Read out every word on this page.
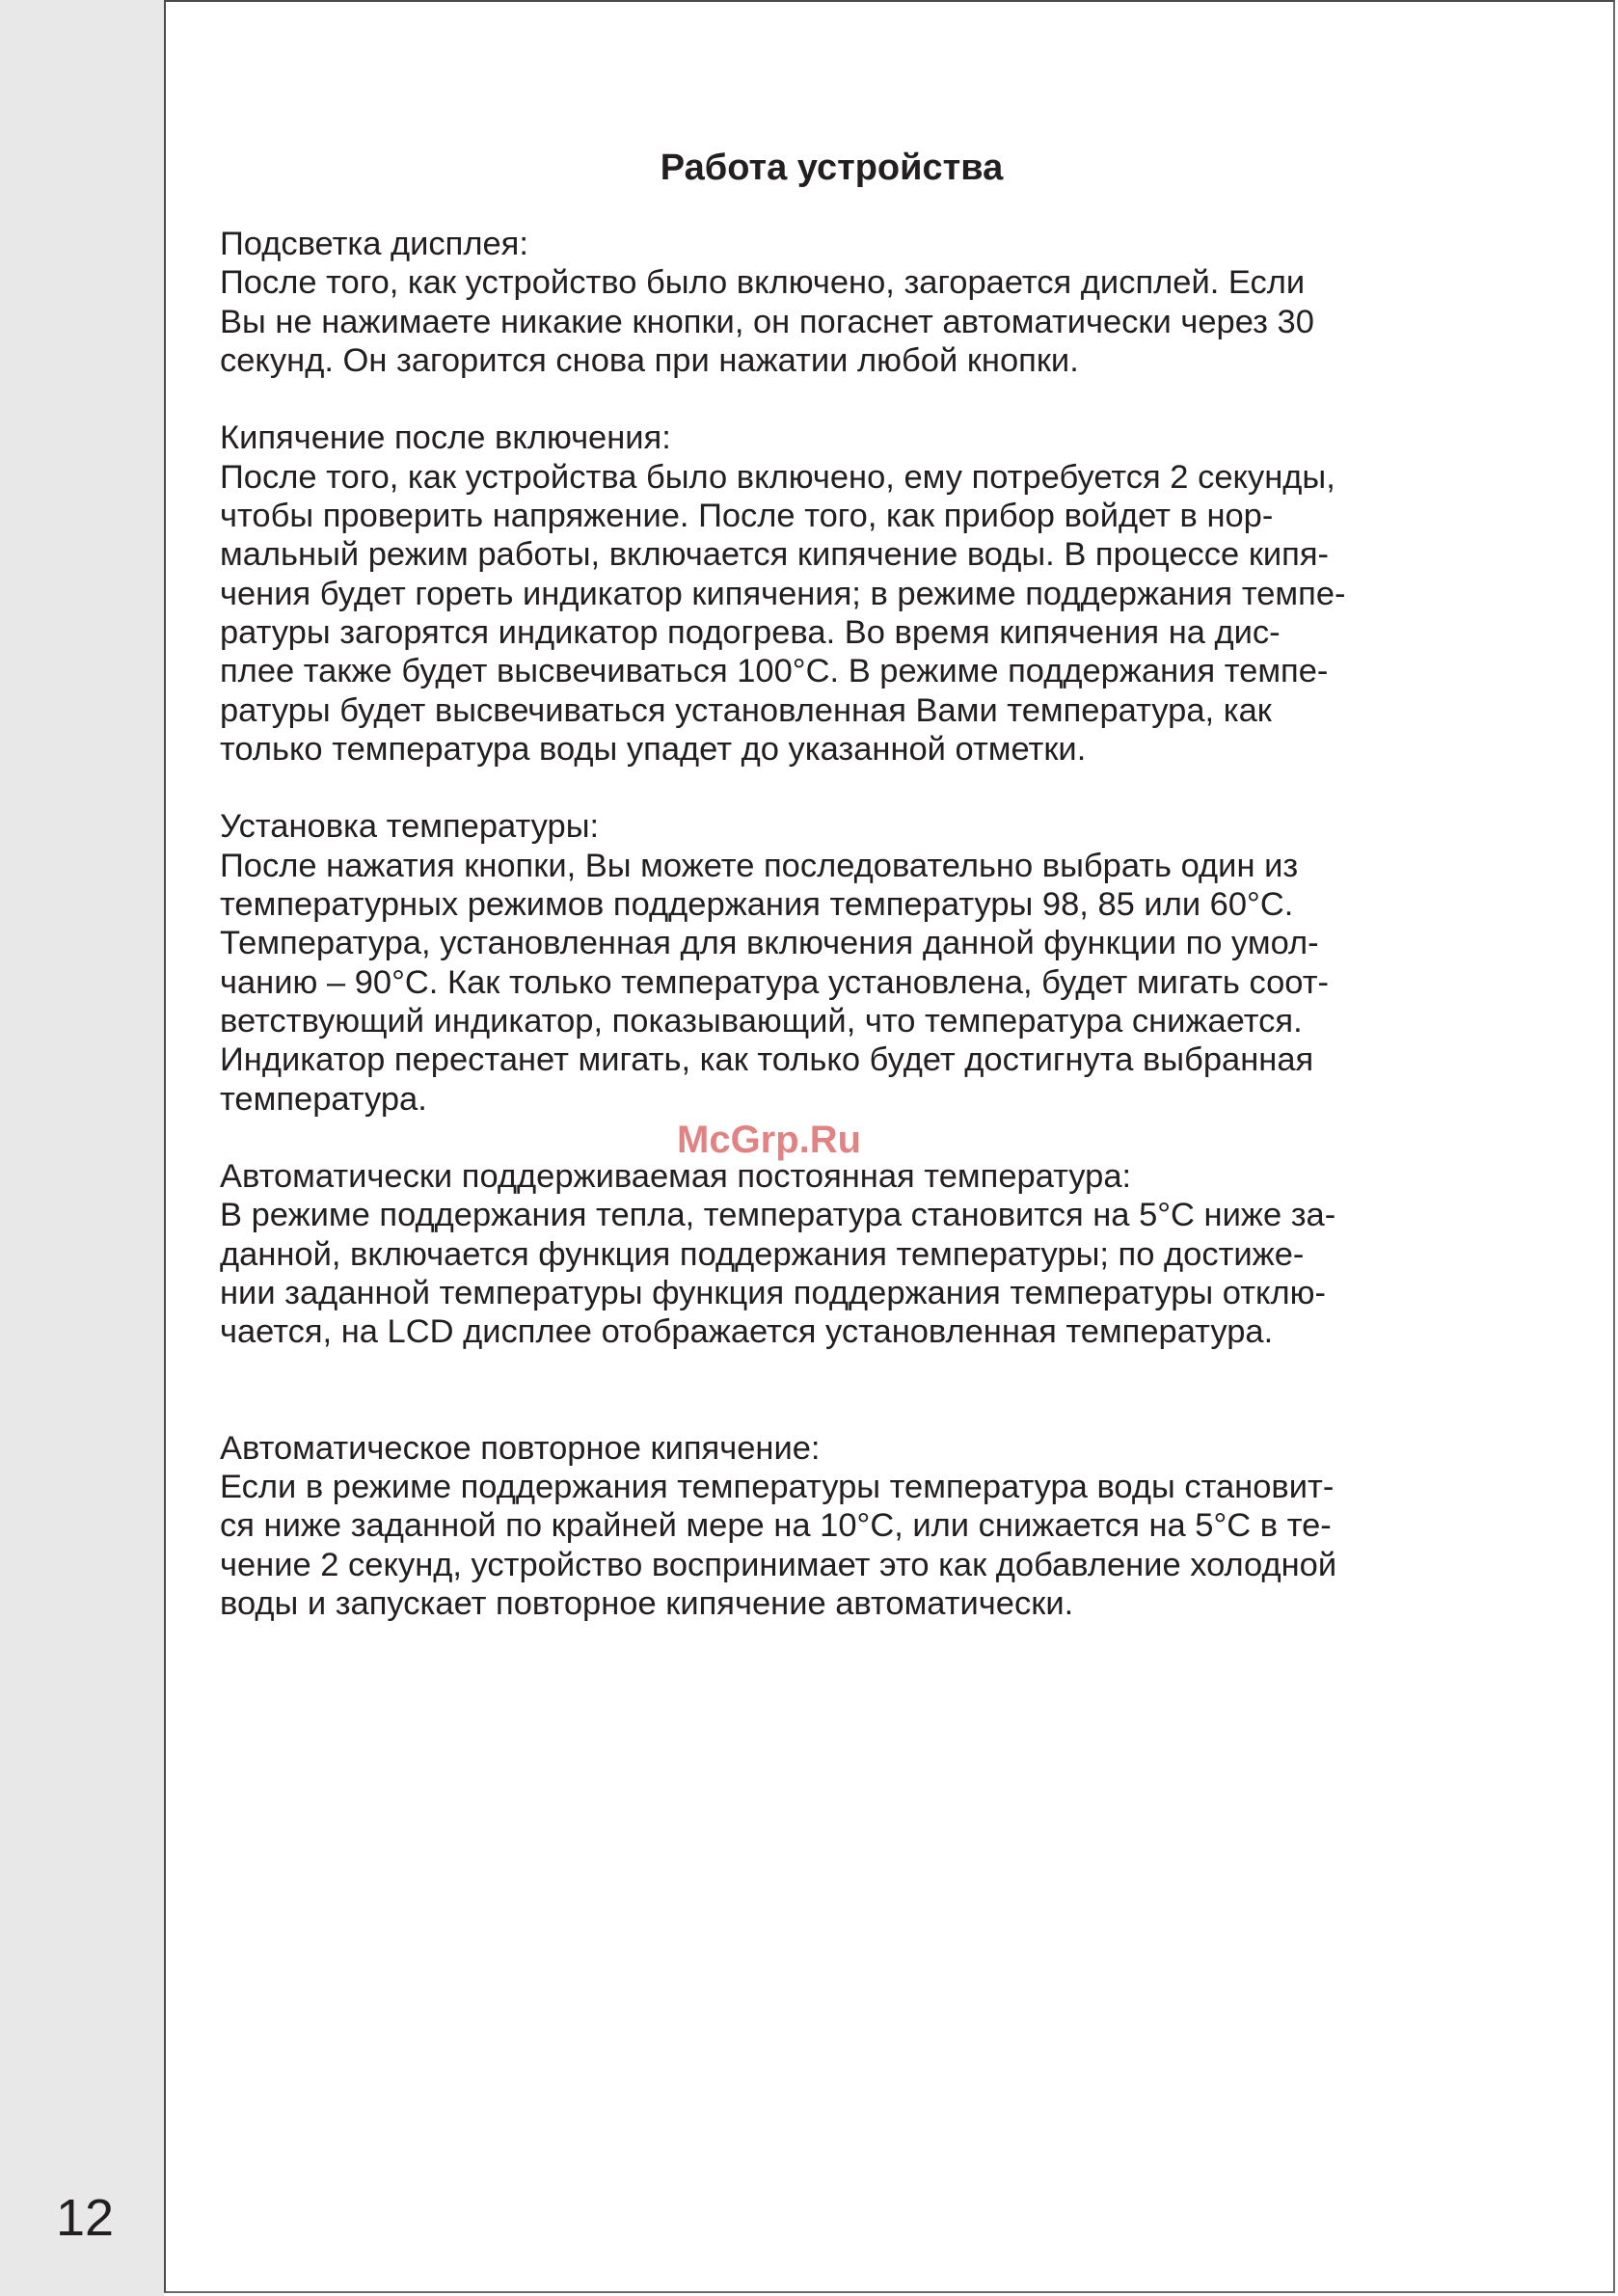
Работа устройства
Подсветка дисплея:
После того, как устройство было включено, загорается дисплей. Если
Вы не нажимаете никакие кнопки, он погаснет автоматически через 30
секунд. Он загорится снова при нажатии любой кнопки.
Кипячение после включения:
После того, как устройства было включено, ему потребуется 2 секунды,
чтобы проверить напряжение. После того, как прибор войдет в нор-
мальный режим работы, включается кипячение воды. В процессе кипя-
чения будет гореть индикатор кипячения; в режиме поддержания темпе-
ратуры загорятся индикатор подогрева. Во время кипячения на дис-
плее также будет высвечиваться 100°C. В режиме поддержания темпе-
ратуры будет высвечиваться установленная Вами температура, как
только температура воды упадет до указанной отметки.
Установка температуры:
После нажатия кнопки, Вы можете последовательно выбрать один из
температурных режимов поддержания температуры 98, 85 или 60°С.
Температура, установленная для включения данной функции по умол-
чанию – 90°С. Как только температура установлена, будет мигать соот-
ветствующий индикатор, показывающий, что температура снижается.
Индикатор перестанет мигать, как только будет достигнута выбранная
температура.
Автоматически поддерживаемая постоянная температура:
В режиме поддержания тепла, температура становится на 5°С ниже за-
данной, включается функция поддержания температуры; по достиже-
нии заданной температуры функция поддержания температуры отклю-
чается, на LCD дисплее отображается установленная температура.
Автоматическое повторное кипячение:
Если в режиме поддержания температуры температура воды становит-
ся ниже заданной по крайней мере на 10°С, или снижается на 5°С в те-
чение 2 секунд, устройство воспринимает это как добавление холодной
воды и запускает повторное кипячение автоматически.
McGrp.Ru
12
